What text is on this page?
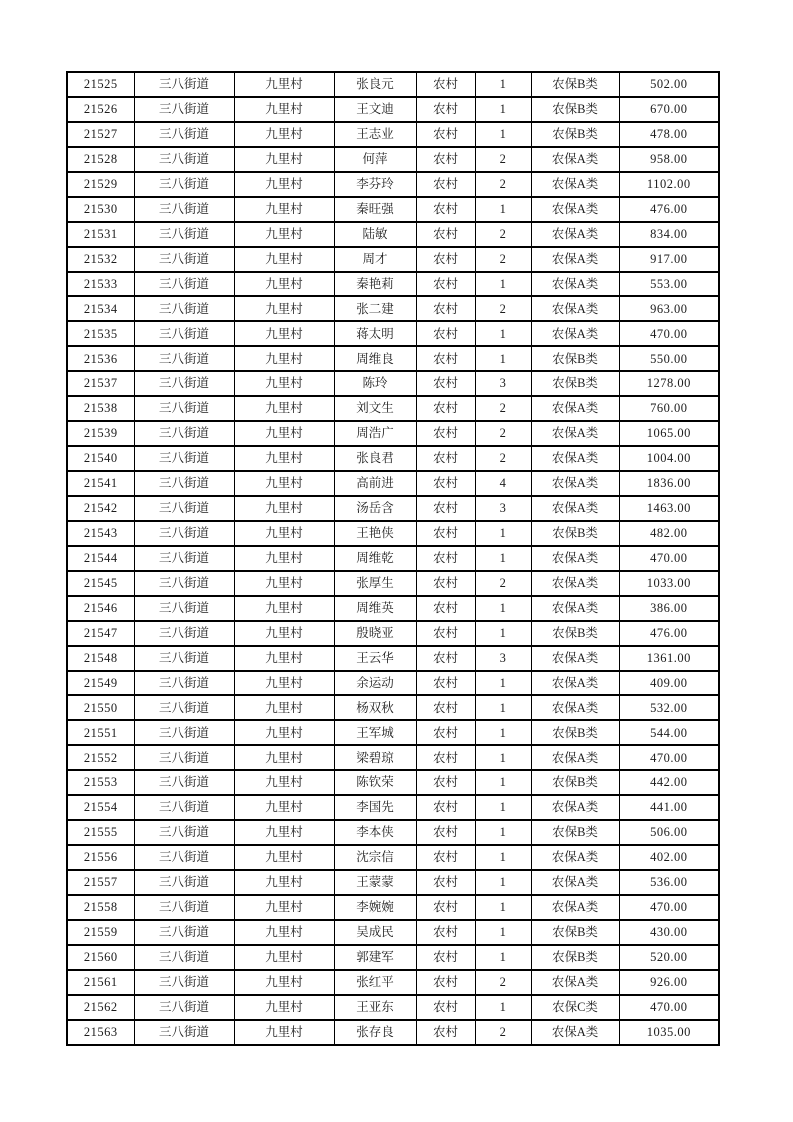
21525	三八街道	九里村	张良元	农村	1	农保B类	502.00
21526	三八街道	九里村	王文迪	农村	1	农保B类	670.00
21527	三八街道	九里村	王志业	农村	1	农保B类	478.00
21528	三八街道	九里村	何萍	农村	2	农保A类	958.00
21529	三八街道	九里村	李芬玲	农村	2	农保A类	1102.00
21530	三八街道	九里村	秦旺强	农村	1	农保A类	476.00
21531	三八街道	九里村	陆敏	农村	2	农保A类	834.00
21532	三八街道	九里村	周才	农村	2	农保A类	917.00
21533	三八街道	九里村	秦艳莉	农村	1	农保A类	553.00
21534	三八街道	九里村	张二建	农村	2	农保A类	963.00
21535	三八街道	九里村	蒋太明	农村	1	农保A类	470.00
21536	三八街道	九里村	周维良	农村	1	农保B类	550.00
21537	三八街道	九里村	陈玲	农村	3	农保B类	1278.00
21538	三八街道	九里村	刘文生	农村	2	农保A类	760.00
21539	三八街道	九里村	周浩广	农村	2	农保A类	1065.00
21540	三八街道	九里村	张良君	农村	2	农保A类	1004.00
21541	三八街道	九里村	高前进	农村	4	农保A类	1836.00
21542	三八街道	九里村	汤岳含	农村	3	农保A类	1463.00
21543	三八街道	九里村	王艳侠	农村	1	农保B类	482.00
21544	三八街道	九里村	周维乾	农村	1	农保A类	470.00
21545	三八街道	九里村	张厚生	农村	2	农保A类	1033.00
21546	三八街道	九里村	周维英	农村	1	农保A类	386.00
21547	三八街道	九里村	殷晓亚	农村	1	农保B类	476.00
21548	三八街道	九里村	王云华	农村	3	农保A类	1361.00
21549	三八街道	九里村	余运动	农村	1	农保A类	409.00
21550	三八街道	九里村	杨双秋	农村	1	农保A类	532.00
21551	三八街道	九里村	王军城	农村	1	农保B类	544.00
21552	三八街道	九里村	梁碧琼	农村	1	农保A类	470.00
21553	三八街道	九里村	陈钦荣	农村	1	农保B类	442.00
21554	三八街道	九里村	李国先	农村	1	农保A类	441.00
21555	三八街道	九里村	李本侠	农村	1	农保B类	506.00
21556	三八街道	九里村	沈宗信	农村	1	农保A类	402.00
21557	三八街道	九里村	王蒙蒙	农村	1	农保A类	536.00
21558	三八街道	九里村	李婉婉	农村	1	农保A类	470.00
21559	三八街道	九里村	吴成民	农村	1	农保B类	430.00
21560	三八街道	九里村	郭建军	农村	1	农保B类	520.00
21561	三八街道	九里村	张红平	农村	2	农保A类	926.00
21562	三八街道	九里村	王亚东	农村	1	农保C类	470.00
21563	三八街道	九里村	张存良	农村	2	农保A类	1035.00
